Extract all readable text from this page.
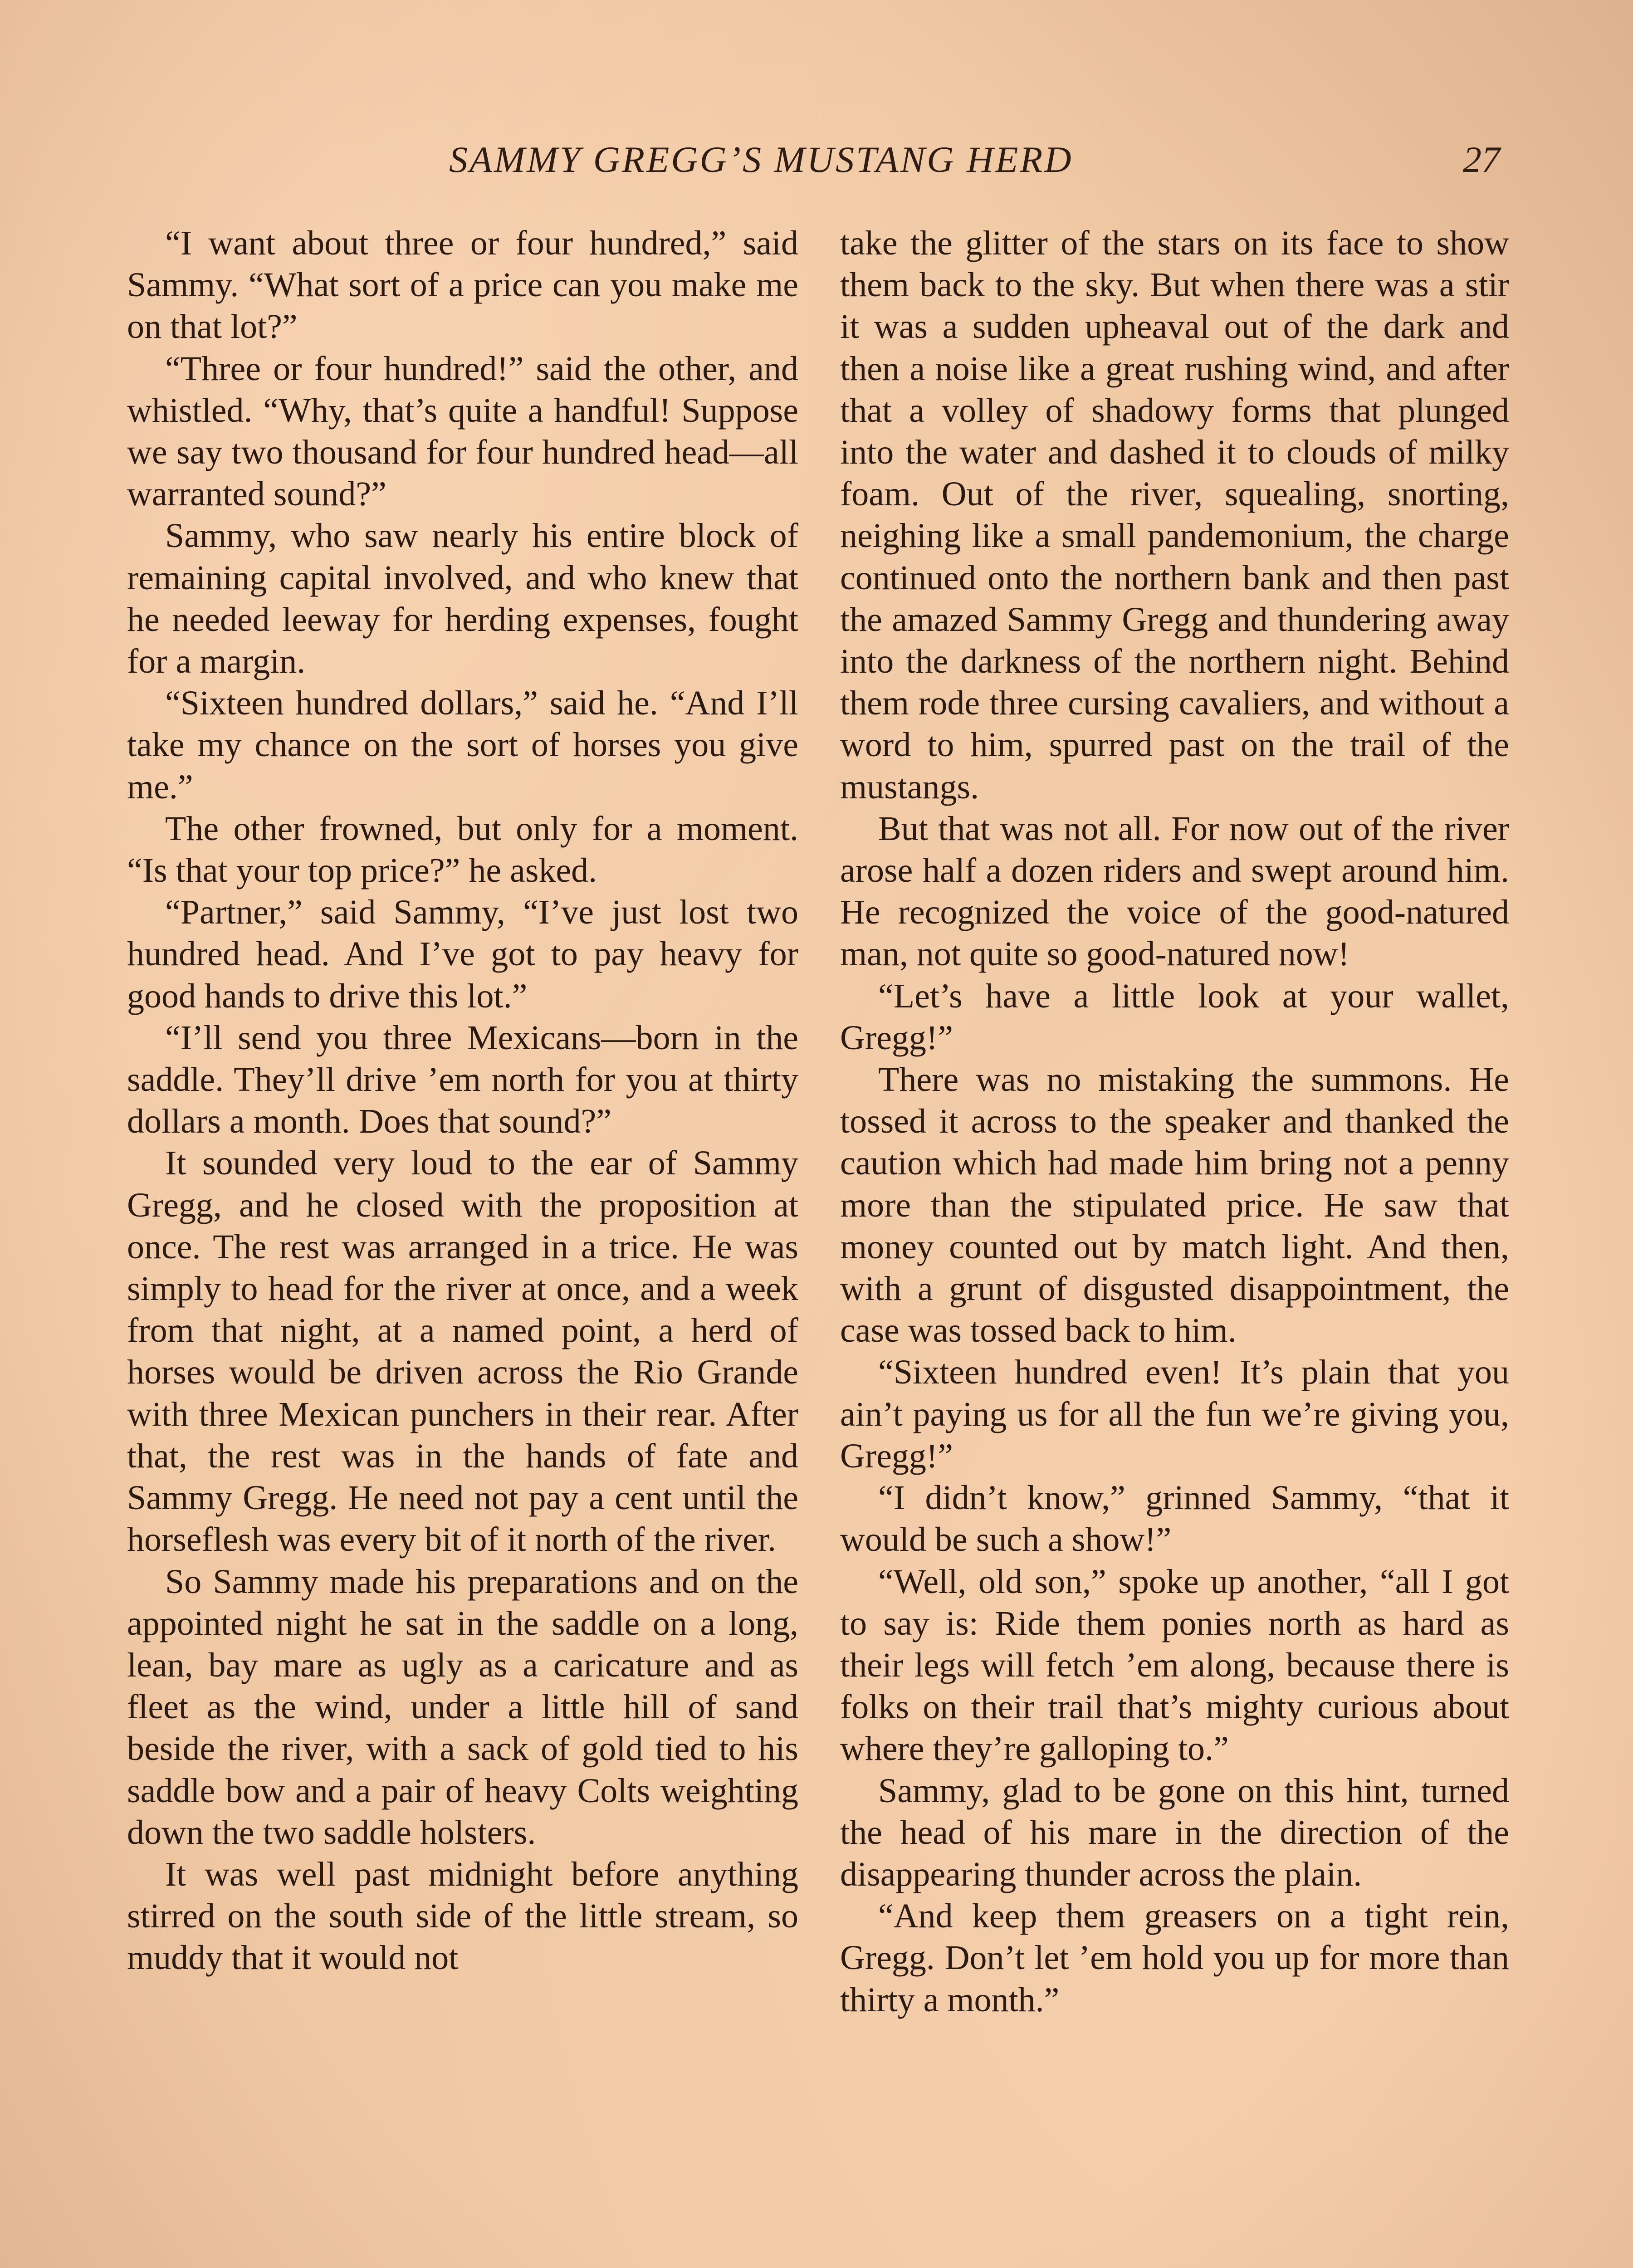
SAMMY GREGG’S MUSTANG HERD	27

“I want about three or four hundred,” said Sammy. “What sort of a price can you make me on that lot?”

“Three or four hundred!” said the other, and whistled. “Why, that’s quite a handful! Suppose we say two thousand for four hundred head—all warranted sound?”

Sammy, who saw nearly his entire block of remaining capital involved, and who knew that he needed leeway for herding expenses, fought for a margin.

“Sixteen hundred dollars,” said he. “And I’ll take my chance on the sort of horses you give me.”

The other frowned, but only for a moment. “Is that your top price?” he asked.

“Partner,” said Sammy, “I’ve just lost two hundred head. And I’ve got to pay heavy for good hands to drive this lot.”

“I’ll send you three Mexicans—born in the saddle. They’ll drive ’em north for you at thirty dollars a month. Does that sound?”

It sounded very loud to the ear of Sammy Gregg, and he closed with the proposition at once. The rest was arranged in a trice. He was simply to head for the river at once, and a week from that night, at a named point, a herd of horses would be driven across the Rio Grande with three Mexican punchers in their rear. After that, the rest was in the hands of fate and Sammy Gregg. He need not pay a cent until the horseflesh was every bit of it north of the river.

So Sammy made his preparations and on the appointed night he sat in the saddle on a long, lean, bay mare as ugly as a caricature and as fleet as the wind, under a little hill of sand beside the river, with a sack of gold tied to his saddle bow and a pair of heavy Colts weighting down the two saddle holsters.

It was well past midnight before anything stirred on the south side of the little stream, so muddy that it would not

take the glitter of the stars on its face to show them back to the sky. But when there was a stir it was a sudden upheaval out of the dark and then a noise like a great rushing wind, and after that a volley of shadowy forms that plunged into the water and dashed it to clouds of milky foam. Out of the river, squealing, snorting, neighing like a small pandemonium, the charge continued onto the northern bank and then past the amazed Sammy Gregg and thundering away into the darkness of the northern night. Behind them rode three cursing cavaliers, and without a word to him, spurred past on the trail of the mustangs.

But that was not all. For now out of the river arose half a dozen riders and swept around him. He recognized the voice of the good-natured man, not quite so good-natured now!

“Let’s have a little look at your wallet, Gregg!”

There was no mistaking the summons. He tossed it across to the speaker and thanked the caution which had made him bring not a penny more than the stipulated price. He saw that money counted out by match light. And then, with a grunt of disgusted disappointment, the case was tossed back to him.

“Sixteen hundred even! It’s plain that you ain’t paying us for all the fun we’re giving you, Gregg!”

“I didn’t know,” grinned Sammy, “that it would be such a show!”

“Well, old son,” spoke up another, “all I got to say is: Ride them ponies north as hard as their legs will fetch ’em along, because there is folks on their trail that’s mighty curious about where they’re galloping to.”

Sammy, glad to be gone on this hint, turned the head of his mare in the direction of the disappearing thunder across the plain.

“And keep them greasers on a tight rein, Gregg. Don’t let ’em hold you up for more than thirty a month.”
